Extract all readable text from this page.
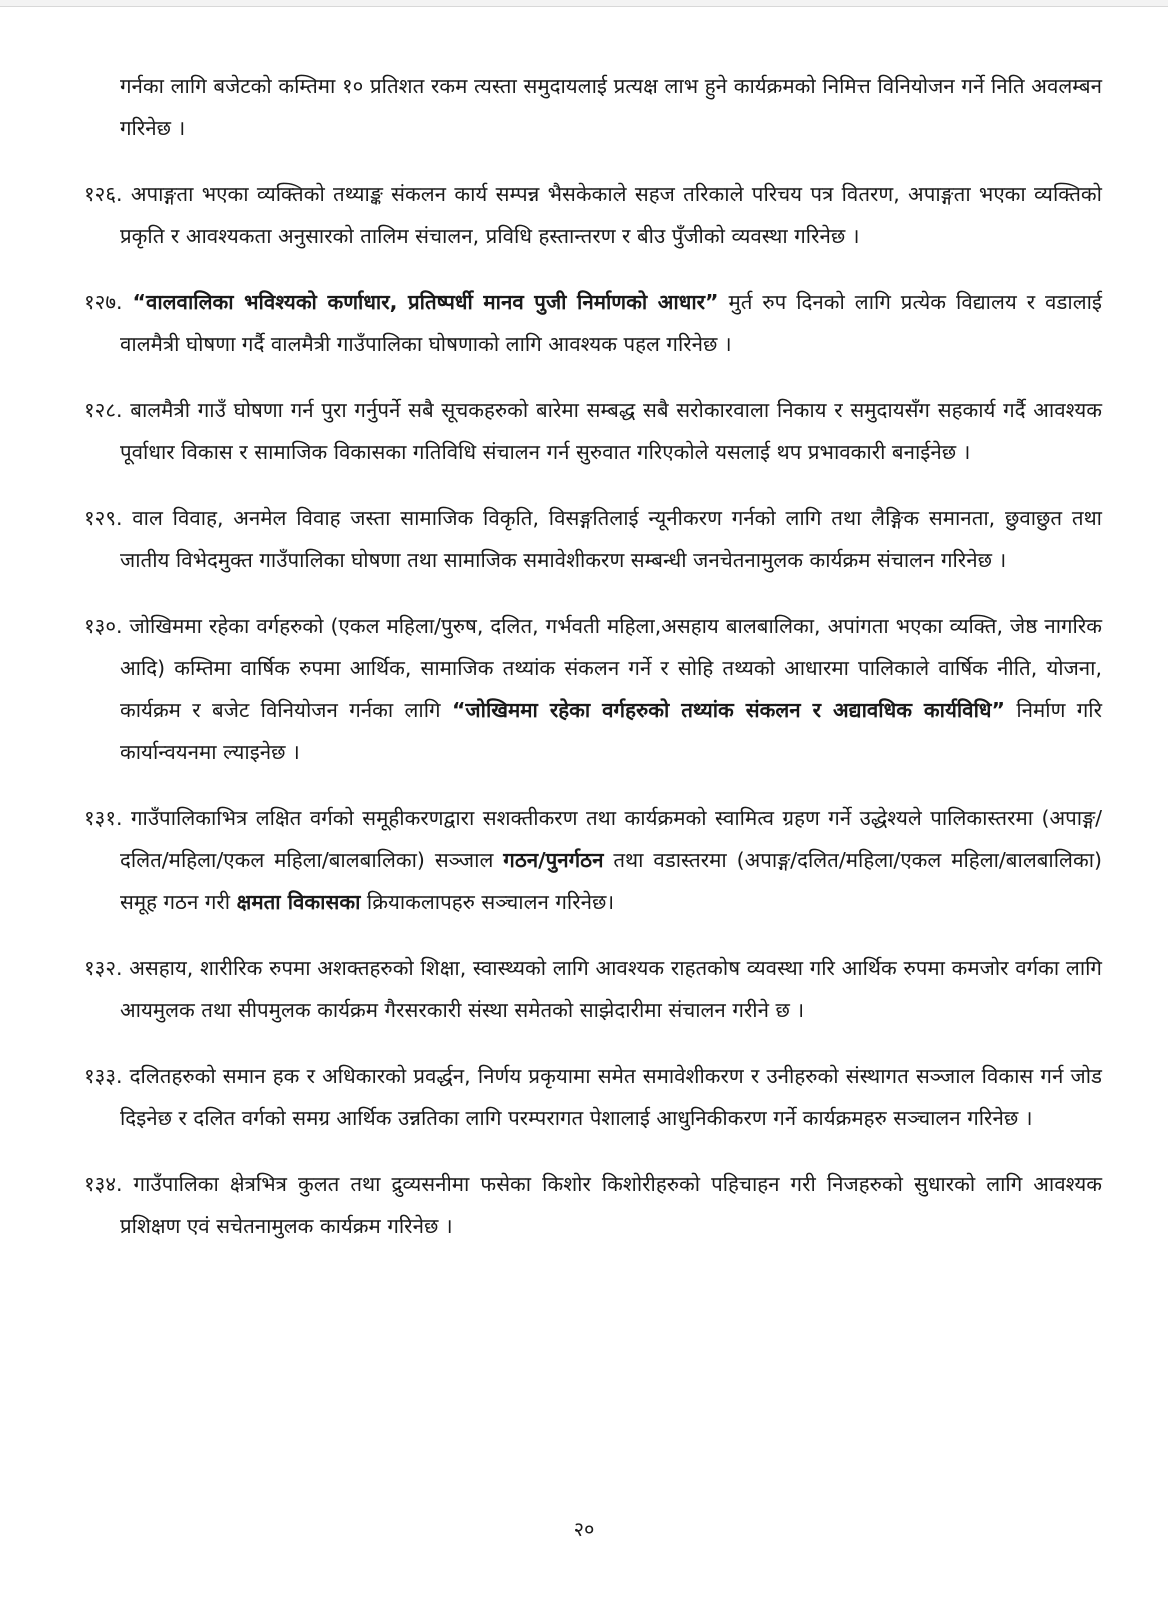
गर्नका लागि बजेटको कम्तिमा १० प्रतिशत रकम त्यस्ता समुदायलाई प्रत्यक्ष लाभ हुने कार्यक्रमको निमित्त विनियोजन गर्ने निति अवलम्बन गरिनेछ ।
१२६. अपाङ्गता भएका व्यक्तिको तथ्याङ्क संकलन कार्य सम्पन्न भैसकेकाले सहज तरिकाले परिचय पत्र वितरण, अपाङ्गता भएका व्यक्तिको प्रकृति र आवश्यकता अनुसारको तालिम संचालन, प्रविधि हस्तान्तरण र बीउ पुँजीको व्यवस्था गरिनेछ ।
१२७. “वालवालिका भविश्यको कर्णाधार, प्रतिष्पर्धी मानव पुजी निर्माणको आधार” मुर्त रुप दिनको लागि प्रत्येक विद्यालय र वडालाई वालमैत्री घोषणा गर्दै वालमैत्री गाउँपालिका घोषणाको लागि आवश्यक पहल गरिनेछ ।
१२८. बालमैत्री गाउँ घोषणा गर्न पुरा गर्नुपर्ने सबै सूचकहरुको बारेमा सम्बद्ध सबै सरोकारवाला निकाय र समुदायसँग सहकार्य गर्दै आवश्यक पूर्वाधार विकास र सामाजिक विकासका गतिविधि संचालन गर्न सुरुवात गरिएकोले यसलाई थप प्रभावकारी बनाईनेछ ।
१२९. वाल विवाह, अनमेल विवाह जस्ता सामाजिक विकृति, विसङ्गतिलाई न्यूनीकरण गर्नको लागि तथा लैङ्गिक समानता, छुवाछुत तथा जातीय विभेदमुक्त गाउँपालिका घोषणा तथा सामाजिक समावेशीकरण सम्बन्धी जनचेतनामुलक कार्यक्रम संचालन गरिनेछ ।
१३०. जोखिममा रहेका वर्गहरुको (एकल महिला/पुरुष, दलित, गर्भवती महिला,असहाय बालबालिका, अपांगता भएका व्यक्ति, जेष्ठ नागरिक आदि) कम्तिमा वार्षिक रुपमा आर्थिक, सामाजिक तथ्यांक संकलन गर्ने र सोहि तथ्यको आधारमा पालिकाले वार्षिक नीति, योजना, कार्यक्रम र बजेट विनियोजन गर्नका लागि “जोखिममा रहेका वर्गहरुको तथ्यांक संकलन र अद्यावधिक कार्यविधि” निर्माण गरि कार्यान्वयनमा ल्याइनेछ ।
१३१. गाउँपालिकाभित्र लक्षित वर्गको समूहीकरणद्वारा सशक्तीकरण तथा कार्यक्रमको स्वामित्व ग्रहण गर्ने उद्धेश्यले पालिकास्तरमा (अपाङ्ग/दलित/महिला/एकल महिला/बालबालिका) सञ्जाल गठन/पुनर्गठन तथा वडास्तरमा (अपाङ्ग/दलित/महिला/एकल महिला/बालबालिका) समूह गठन गरी क्षमता विकासका क्रियाकलापहरु सञ्चालन गरिनेछ।
१३२. असहाय, शारीरिक रुपमा अशक्तहरुको शिक्षा, स्वास्थ्यको लागि आवश्यक राहतकोष व्यवस्था गरि आर्थिक रुपमा कमजोर वर्गका लागि आयमुलक तथा सीपमुलक कार्यक्रम गैरसरकारी संस्था समेतको साझेदारीमा संचालन गरीने छ ।
१३३. दलितहरुको समान हक र अधिकारको प्रवर्द्धन, निर्णय प्रकृयामा समेत समावेशीकरण र उनीहरुको संस्थागत सञ्जाल विकास गर्न जोड दिइनेछ र दलित वर्गको समग्र आर्थिक उन्नतिका लागि परम्परागत पेशालाई आधुनिकीकरण गर्ने कार्यक्रमहरु सञ्चालन गरिनेछ ।
१३४. गाउँपालिका क्षेत्रभित्र कुलत तथा द्रुव्यसनीमा फसेका किशोर किशोरीहरुको पहिचाहन गरी निजहरुको सुधारको लागि आवश्यक प्रशिक्षण एवं सचेतनामुलक कार्यक्रम गरिनेछ ।
२०
